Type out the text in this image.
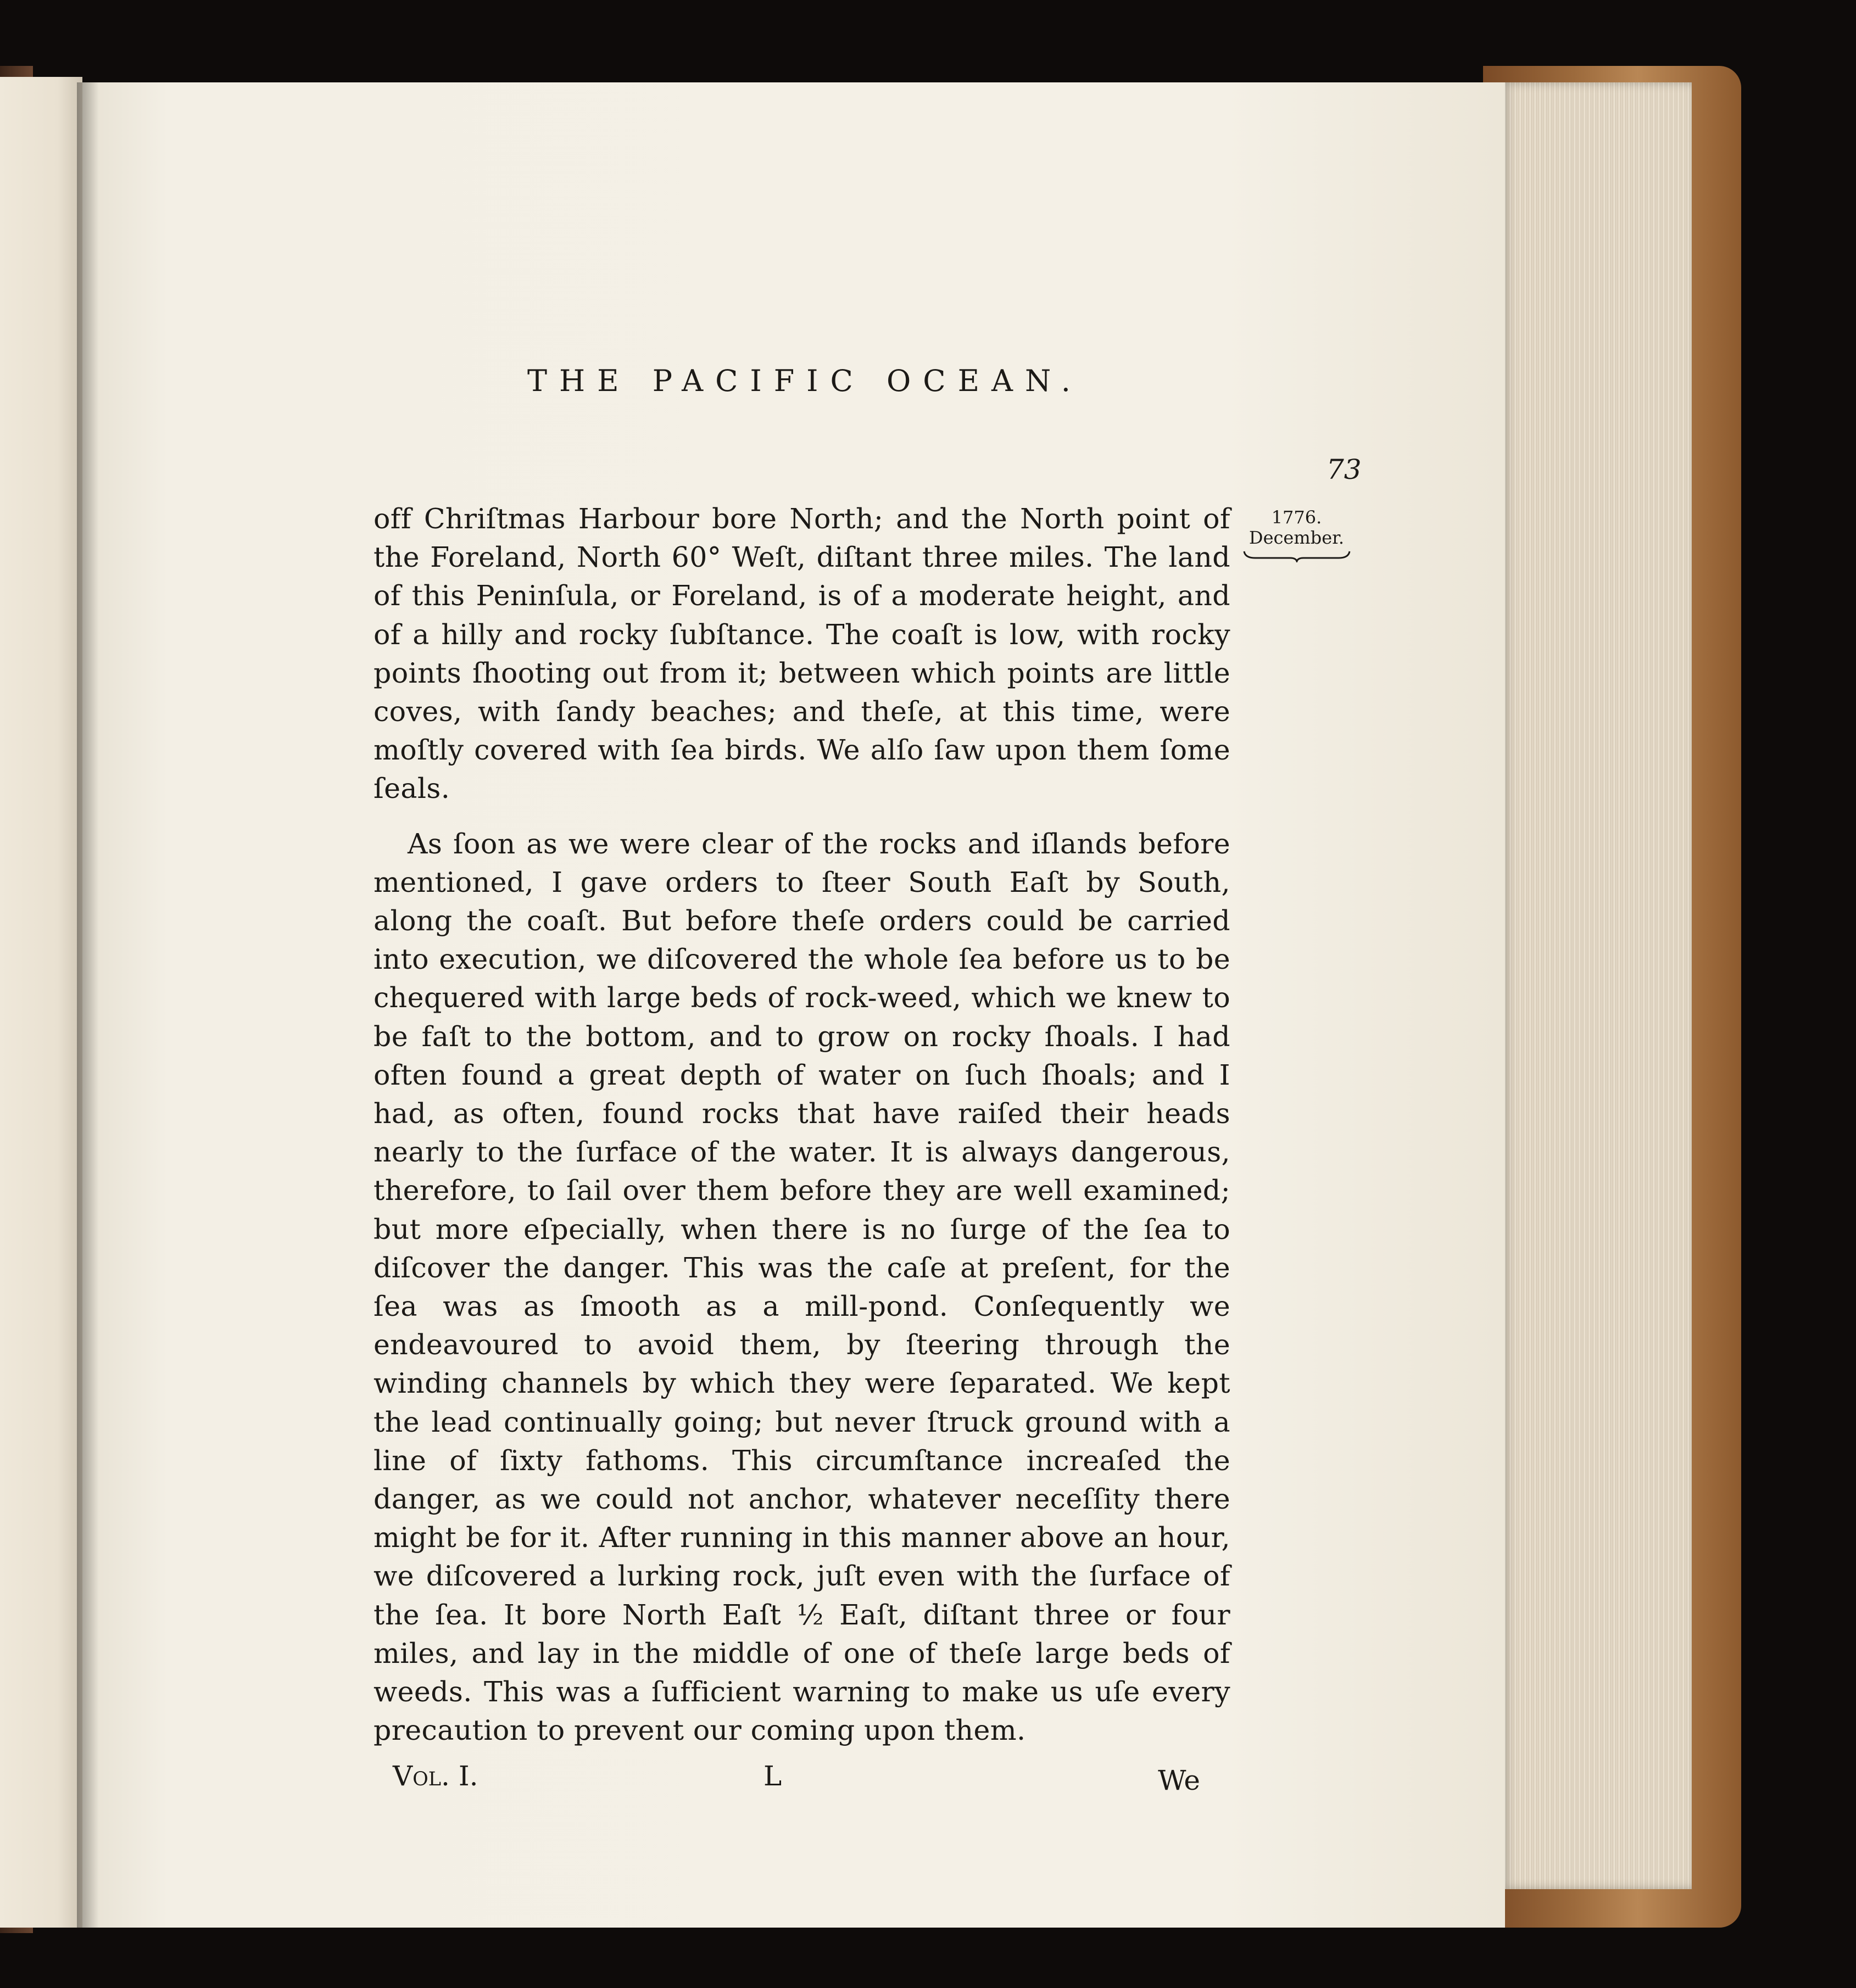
THE PACIFIC OCEAN.
73
1776.
December.

off Chriſtmas Harbour bore North; and the North point of the Foreland, North 60° Weſt, diſtant three miles. The land of this Peninſula, or Foreland, is of a moderate height, and of a hilly and rocky ſubſtance. The coaſt is low, with rocky points ſhooting out from it; between which points are little coves, with ſandy beaches; and theſe, at this time, were moſtly covered with ſea birds. We alſo ſaw upon them ſome ſeals.

As ſoon as we were clear of the rocks and iſlands before mentioned, I gave orders to ſteer South Eaſt by South, along the coaſt. But before theſe orders could be carried into execution, we diſcovered the whole ſea before us to be chequered with large beds of rock-weed, which we knew to be faſt to the bottom, and to grow on rocky ſhoals. I had often found a great depth of water on ſuch ſhoals; and I had, as often, found rocks that have raiſed their heads nearly to the ſurface of the water. It is always dangerous, therefore, to ſail over them before they are well examined; but more eſpecially, when there is no ſurge of the ſea to diſcover the danger. This was the caſe at preſent, for the ſea was as ſmooth as a mill-pond. Conſequently we endeavoured to avoid them, by ſteering through the winding channels by which they were ſeparated. We kept the lead continually going; but never ſtruck ground with a line of ſixty fathoms. This circumſtance increaſed the danger, as we could not anchor, whatever neceſſity there might be for it. After running in this manner above an hour, we diſcovered a lurking rock, juſt even with the ſurface of the ſea. It bore North Eaſt ½ Eaſt, diſtant three or four miles, and lay in the middle of one of theſe large beds of weeds. This was a ſufficient warning to make us uſe every precaution to prevent our coming upon them.

Vol. I.	L	We
